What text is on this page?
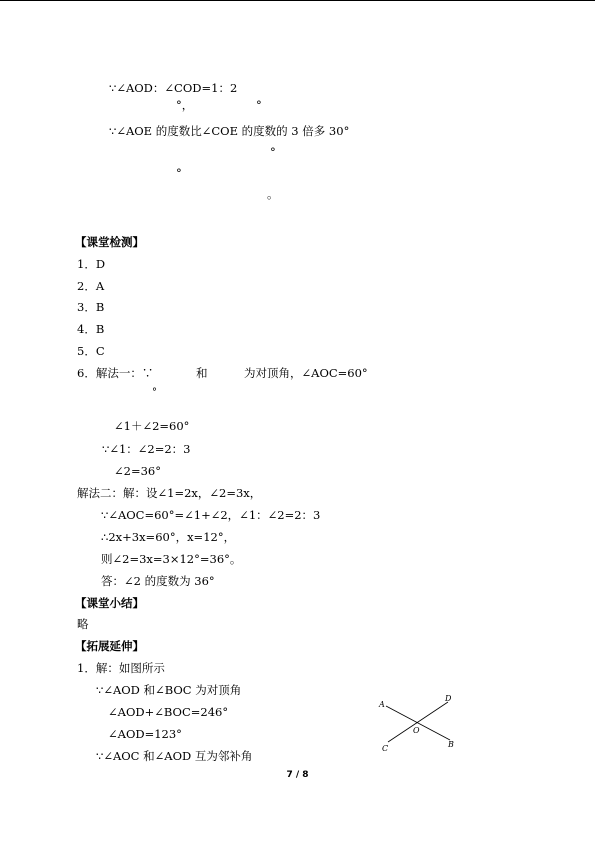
∵∠AOD：∠COD=1：2
°，	°
∵∠AOE 的度数比∠COE 的度数的 3 倍多 30°
°
°
。
【课堂检测】
1．D
2．A
3．B
4．B
5．C
6．解法一：∵	和	为对顶角，∠AOC=60°
°
∠1＋∠2=60°
∵∠1：∠2=2：3
∠2=36°
解法二：解：设∠1=2x，∠2=3x，
∵∠AOC=60°=∠1+∠2，∠1：∠2=2：3
∴2x+3x=60°，x=12°，
则∠2=3x=3×12°=36°。
答：∠2 的度数为 36°
【课堂小结】
略
【拓展延伸】
1．解：如图所示
∵∠AOD 和∠BOC 为对顶角
∠AOD+∠BOC=246°
∠AOD=123°
∵∠AOC 和∠AOD 互为邻补角
A
D
O
C	B
7 / 8
